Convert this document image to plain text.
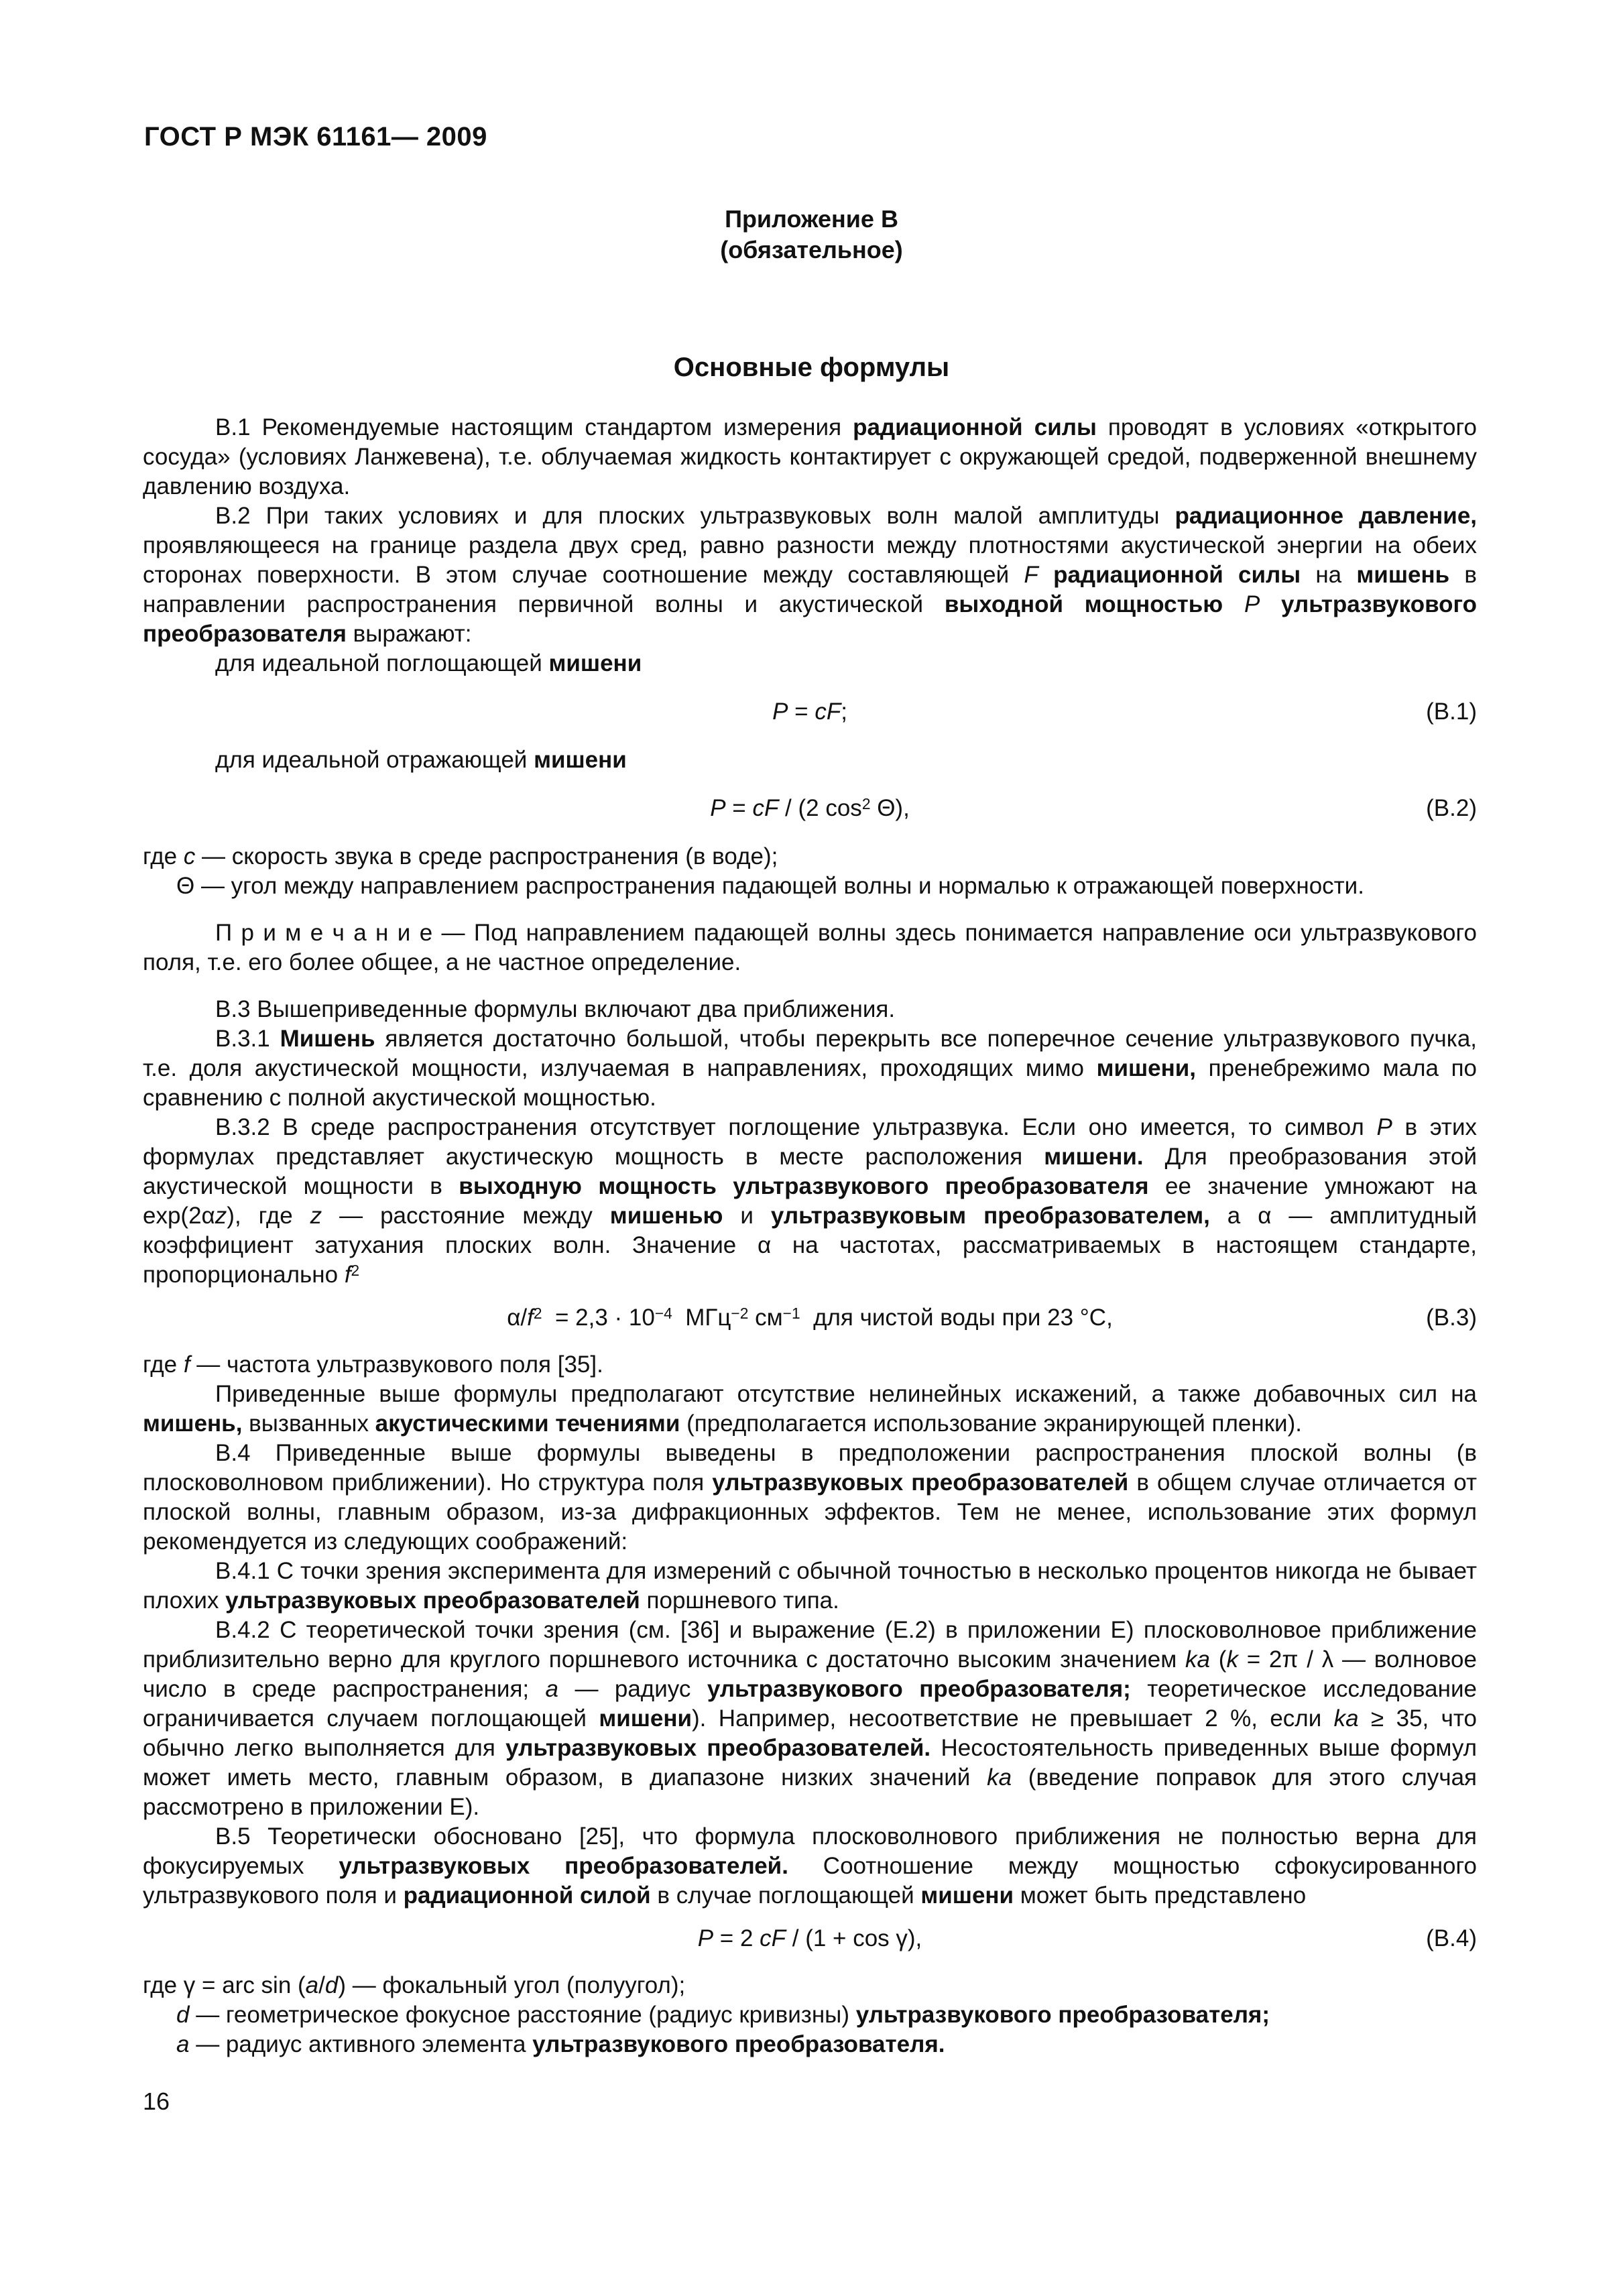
ГОСТ Р МЭК 61161— 2009
Приложение В
(обязательное)
Основные формулы

В.1 Рекомендуемые настоящим стандартом измерения радиационной силы проводят в условиях «открытого сосуда» (условиях Ланжевена), т.е. облучаемая жидкость контактирует с окружающей средой, подверженной внешнему давлению воздуха.

В.2 При таких условиях и для плоских ультразвуковых волн малой амплитуды радиационное давление, проявляющееся на границе раздела двух сред, равно разности между плотностями акустической энергии на обеих сторонах поверхности. В этом случае соотношение между составляющей F радиационной силы на мишень в направлении распространения первичной волны и акустической выходной мощностью P ультразвукового преобразователя выражают:

для идеальной поглощающей мишени

P = cF;	(В.1)

для идеальной отражающей мишени

P = cF / (2 $\cos^2 \Theta$),	(В.2)

где c — скорость звука в среде распространения (в воде);

Θ — угол между направлением распространения падающей волны и нормалью к отражающей поверхности.

П р и м е ч а н и е — Под направлением падающей волны здесь понимается направление оси ультразвукового поля, т.е. его более общее, а не частное определение.

В.3 Вышеприведенные формулы включают два приближения.

В.3.1 Мишень является достаточно большой, чтобы перекрыть все поперечное сечение ультразвукового пучка, т.е. доля акустической мощности, излучаемая в направлениях, проходящих мимо мишени, пренебрежимо мала по сравнению с полной акустической мощностью.

В.3.2 В среде распространения отсутствует поглощение ультразвука. Если оно имеется, то символ P в этих формулах представляет акустическую мощность в месте расположения мишени. Для преобразования этой акустической мощности в выходную мощность ультразвукового преобразователя ее значение умножают на exp(2αz), где z — расстояние между мишенью и ультразвуковым преобразователем, а α — амплитудный коэффициент затухания плоских волн. Значение α на частотах, рассматриваемых в настоящем стандарте, пропорционально $f^2$

$\alpha/f^2 = 2,3 \cdot 10^{-4}$  МГц$^{-2}$ $см^{-1}$  для чистой воды при 23 °С,	(В.3)

где f — частота ультразвукового поля [35].

Приведенные выше формулы предполагают отсутствие нелинейных искажений, а также добавочных сил на мишень, вызванных акустическими течениями (предполагается использование экранирующей пленки).

В.4 Приведенные выше формулы выведены в предположении распространения плоской волны (в плосковолновом приближении). Но структура поля ультразвуковых преобразователей в общем случае отличается от плоской волны, главным образом, из-за дифракционных эффектов. Тем не менее, использование этих формул рекомендуется из следующих соображений:

В.4.1 С точки зрения эксперимента для измерений с обычной точностью в несколько процентов никогда не бывает плохих ультразвуковых преобразователей поршневого типа.

В.4.2 С теоретической точки зрения (см. [36] и выражение (Е.2) в приложении Е) плосковолновое приближение приблизительно верно для круглого поршневого источника с достаточно высоким значением ka (k = 2π / λ — волновое число в среде распространения; a — радиус ультразвукового преобразователя; теоретическое исследование ограничивается случаем поглощающей мишени). Например, несоответствие не превышает 2 %, если ka ≥ 35, что обычно легко выполняется для ультразвуковых преобразователей. Несостоятельность приведенных выше формул может иметь место, главным образом, в диапазоне низких значений ka (введение поправок для этого случая рассмотрено в приложении Е).

В.5 Теоретически обосновано [25], что формула плосковолнового приближения не полностью верна для фокусируемых ультразвуковых преобразователей. Соотношение между мощностью сфокусированного ультразвукового поля и радиационной силой в случае поглощающей мишени может быть представлено

P = 2 cF / (1 + cos γ),	(В.4)

где γ = arc sin (a/d) — фокальный угол (полуугол);

d — геометрическое фокусное расстояние (радиус кривизны) ультразвукового преобразователя;

a — радиус активного элемента ультразвукового преобразователя.

16
